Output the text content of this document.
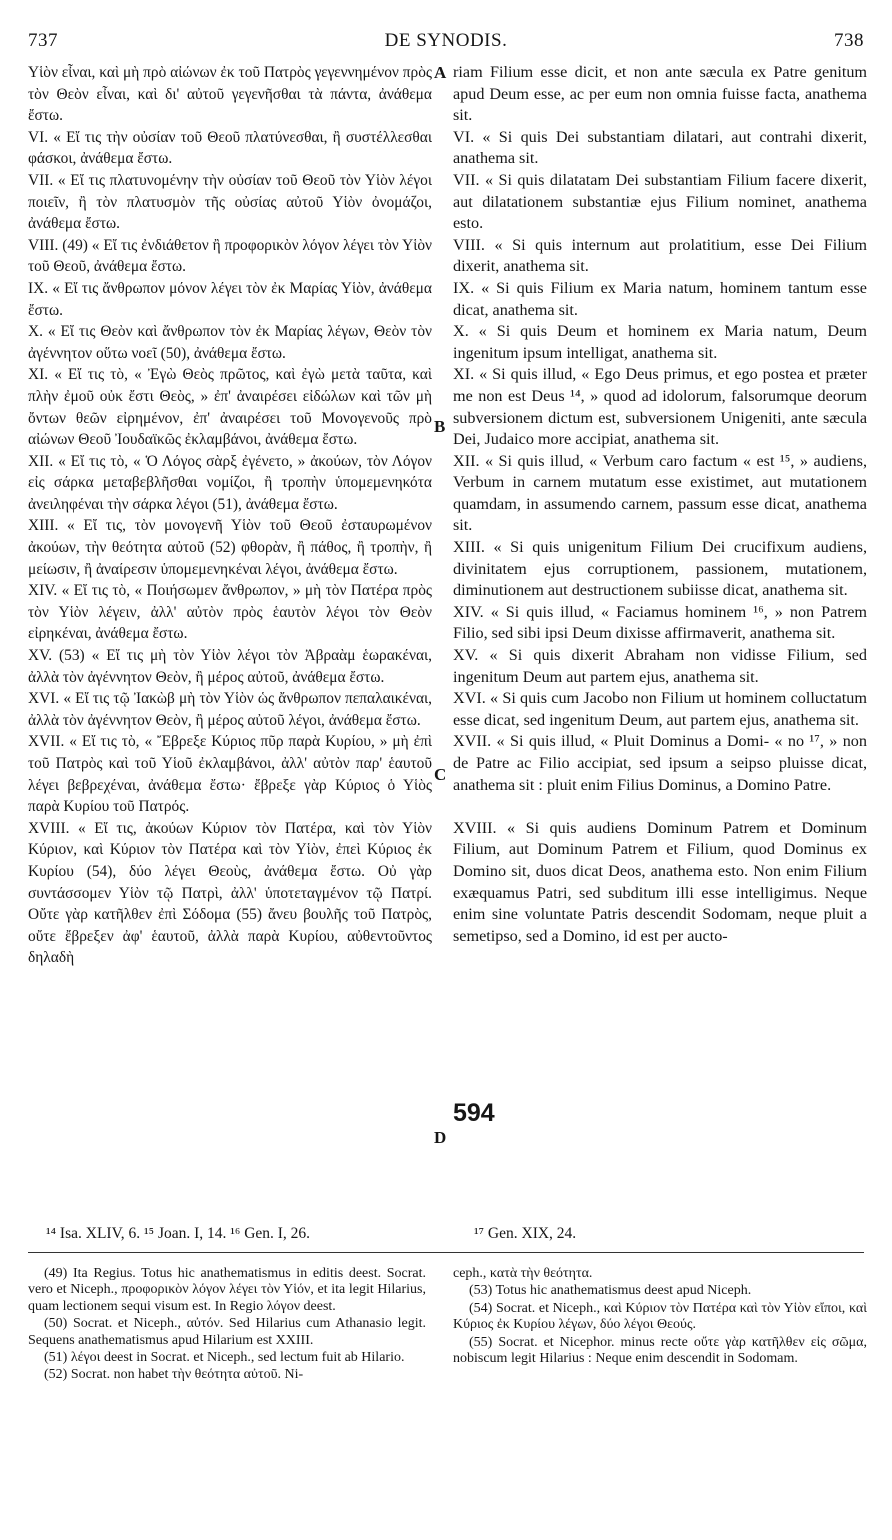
737	DE SYNODIS.	738
A
B
C
D

Υἱὸν εἶναι, καὶ μὴ πρὸ αἰώνων ἐκ τοῦ Πατρὸς γεγεννημένον πρὸς τὸν Θεὸν εἶναι, καὶ δι' αὐτοῦ γεγενῆσθαι τὰ πάντα, ἀνάθεμα ἔστω.

VI. « Εἴ τις τὴν οὐσίαν τοῦ Θεοῦ πλατύνεσθαι, ἢ συστέλλεσθαι φάσκοι, ἀνάθεμα ἔστω.

VII. « Εἴ τις πλατυνομένην τὴν οὐσίαν τοῦ Θεοῦ τὸν Υἱὸν λέγοι ποιεῖν, ἢ τὸν πλατυσμὸν τῆς οὐσίας αὐτοῦ Υἱὸν ὀνομάζοι, ἀνάθεμα ἔστω.

VIII. (49) « Εἴ τις ἐνδιάθετον ἢ προφορικὸν λόγον λέγει τὸν Υἱὸν τοῦ Θεοῦ, ἀνάθεμα ἔστω.

IX. « Εἴ τις ἄνθρωπον μόνον λέγει τὸν ἐκ Μαρίας Υἱὸν, ἀνάθεμα ἔστω.

X. « Εἴ τις Θεὸν καὶ ἄνθρωπον τὸν ἐκ Μαρίας λέγων, Θεὸν τὸν ἀγέννητον οὕτω νοεῖ (50), ἀνάθεμα ἔστω.

XI. « Εἴ τις τὸ, « Ἐγὼ Θεὸς πρῶτος, καὶ ἐγὼ μετὰ ταῦτα, καὶ πλὴν ἐμοῦ οὐκ ἔστι Θεὸς, » ἐπ' ἀναιρέσει εἰδώλων καὶ τῶν μὴ ὄντων θεῶν εἰρημένον, ἐπ' ἀναιρέσει τοῦ Μονογενοῦς πρὸ αἰώνων Θεοῦ Ἰουδαϊκῶς ἐκλαμβάνοι, ἀνάθεμα ἔστω.

XII. « Εἴ τις τὸ, « Ὁ Λόγος σὰρξ ἐγένετο, » ἀκούων, τὸν Λόγον εἰς σάρκα μεταβεβλῆσθαι νομίζοι, ἢ τροπὴν ὑπομεμενηκότα ἀνειληφέναι τὴν σάρκα λέγοι (51), ἀνάθεμα ἔστω.

XIII. « Εἴ τις, τὸν μονογενῆ Υἱὸν τοῦ Θεοῦ ἐσταυρωμένον ἀκούων, τὴν θεότητα αὐτοῦ (52) φθορὰν, ἢ πάθος, ἢ τροπὴν, ἢ μείωσιν, ἢ ἀναίρεσιν ὑπομεμενηκέναι λέγοι, ἀνάθεμα ἔστω.

XIV. « Εἴ τις τὸ, « Ποιήσωμεν ἄνθρωπον, » μὴ τὸν Πατέρα πρὸς τὸν Υἱὸν λέγειν, ἀλλ' αὐτὸν πρὸς ἑαυτὸν λέγοι τὸν Θεὸν εἰρηκέναι, ἀνάθεμα ἔστω.

XV. (53) « Εἴ τις μὴ τὸν Υἱὸν λέγοι τὸν Ἀβραὰμ ἑωρακέναι, ἀλλὰ τὸν ἀγέννητον Θεὸν, ἢ μέρος αὐτοῦ, ἀνάθεμα ἔστω.

XVI. « Εἴ τις τῷ Ἰακὼβ μὴ τὸν Υἱὸν ὡς ἄνθρωπον πεπαλαικέναι, ἀλλὰ τὸν ἀγέννητον Θεὸν, ἢ μέρος αὐτοῦ λέγοι, ἀνάθεμα ἔστω.

XVII. « Εἴ τις τὸ, « Ἔβρεξε Κύριος πῦρ παρὰ Κυρίου, » μὴ ἐπὶ τοῦ Πατρὸς καὶ τοῦ Υἱοῦ ἐκλαμβάνοι, ἀλλ' αὐτὸν παρ' ἑαυτοῦ λέγει βεβρεχέναι, ἀνάθεμα ἔστω· ἔβρεξε γὰρ Κύριος ὁ Υἱὸς παρὰ Κυρίου τοῦ Πατρός.

XVIII. « Εἴ τις, ἀκούων Κύριον τὸν Πατέρα, καὶ τὸν Υἱὸν Κύριον, καὶ Κύριον τὸν Πατέρα καὶ τὸν Υἱὸν, ἐπεὶ Κύριος ἐκ Κυρίου (54), δύο λέγει Θεοὺς, ἀνάθεμα ἔστω. Οὐ γὰρ συντάσσομεν Υἱὸν τῷ Πατρὶ, ἀλλ' ὑποτεταγμένον τῷ Πατρί. Οὔτε γὰρ κατῆλθεν ἐπὶ Σόδομα (55) ἄνευ βουλῆς τοῦ Πατρὸς, οὔτε ἔβρεξεν ἀφ' ἑαυτοῦ, ἀλλὰ παρὰ Κυρίου, αὐθεντοῦντος δηλαδὴ

riam Filium esse dicit, et non ante sæcula ex Patre genitum apud Deum esse, ac per eum non omnia fuisse facta, anathema sit.

VI. « Si quis Dei substantiam dilatari, aut contrahi dixerit, anathema sit.

VII. « Si quis dilatatam Dei substantiam Filium facere dixerit, aut dilatationem substantiæ ejus Filium nominet, anathema esto.

VIII. « Si quis internum aut prolatitium, esse Dei Filium dixerit, anathema sit.

IX. « Si quis Filium ex Maria natum, hominem tantum esse dicat, anathema sit.

X. « Si quis Deum et hominem ex Maria natum, Deum ingenitum ipsum intelligat, anathema sit.

XI. « Si quis illud, « Ego Deus primus, et ego postea et præter me non est Deus ¹⁴, » quod ad idolorum, falsorumque deorum subversionem dictum est, subversionem Unigeniti, ante sæcula Dei, Judaico more accipiat, anathema sit.

XII. « Si quis illud, « Verbum caro factum « est ¹⁵, » audiens, Verbum in carnem mutatum esse existimet, aut mutationem quamdam, in assumendo carnem, passum esse dicat, anathema sit.

XIII. « Si quis unigenitum Filium Dei crucifixum audiens, divinitatem ejus corruptionem, passionem, mutationem, diminutionem aut destructionem subiisse dicat, anathema sit.

XIV. « Si quis illud, « Faciamus hominem ¹⁶, » non Patrem Filio, sed sibi ipsi Deum dixisse affirmaverit, anathema sit.

XV. « Si quis dixerit Abraham non vidisse Filium, sed ingenitum Deum aut partem ejus, anathema sit.

XVI. « Si quis cum Jacobo non Filium ut hominem colluctatum esse dicat, sed ingenitum Deum, aut partem ejus, anathema sit.

XVII. « Si quis illud, « Pluit Dominus a Domi- « no ¹⁷, » non de Patre ac Filio accipiat, sed ipsum a seipso pluisse dicat, anathema sit : pluit enim Filius Dominus, a Domino Patre.

XVIII. « Si quis audiens Dominum Patrem et Dominum Filium, aut Dominum Patrem et Filium, quod Dominus ex Domino sit, duos dicat Deos, anathema esto. Non enim Filium exæquamus Patri, sed subditum illi esse intelligimus. Neque enim sine voluntate Patris descendit Sodomam, neque pluit a semetipso, sed a Domino, id est per aucto-

594
¹⁴ Isa. XLIV, 6. ¹⁵ Joan. I, 14. ¹⁶ Gen. I, 26.	¹⁷ Gen. XIX, 24.

(49) Ita Regius. Totus hic anathematismus in editis deest. Socrat. vero et Niceph., προφορικὸν λόγον λέγει τὸν Υἱόν, et ita legit Hilarius, quam lectionem sequi visum est. In Regio λόγον deest.

(50) Socrat. et Niceph., αὐτόν. Sed Hilarius cum Athanasio legit. Sequens anathematismus apud Hilarium est XXIII.

(51) λέγοι deest in Socrat. et Niceph., sed lectum fuit ab Hilario.

(52) Socrat. non habet τὴν θεότητα αὐτοῦ. Ni-

ceph., κατὰ τὴν θεότητα.

(53) Totus hic anathematismus deest apud Niceph.

(54) Socrat. et Niceph., καὶ Κύριον τὸν Πατέρα καὶ τὸν Υἱὸν εἴποι, καὶ Κύριος ἐκ Κυρίου λέγων, δύο λέγοι Θεούς.

(55) Socrat. et Nicephor. minus recte οὔτε γὰρ κατῆλθεν εἰς σῶμα, nobiscum legit Hilarius : Neque enim descendit in Sodomam.
